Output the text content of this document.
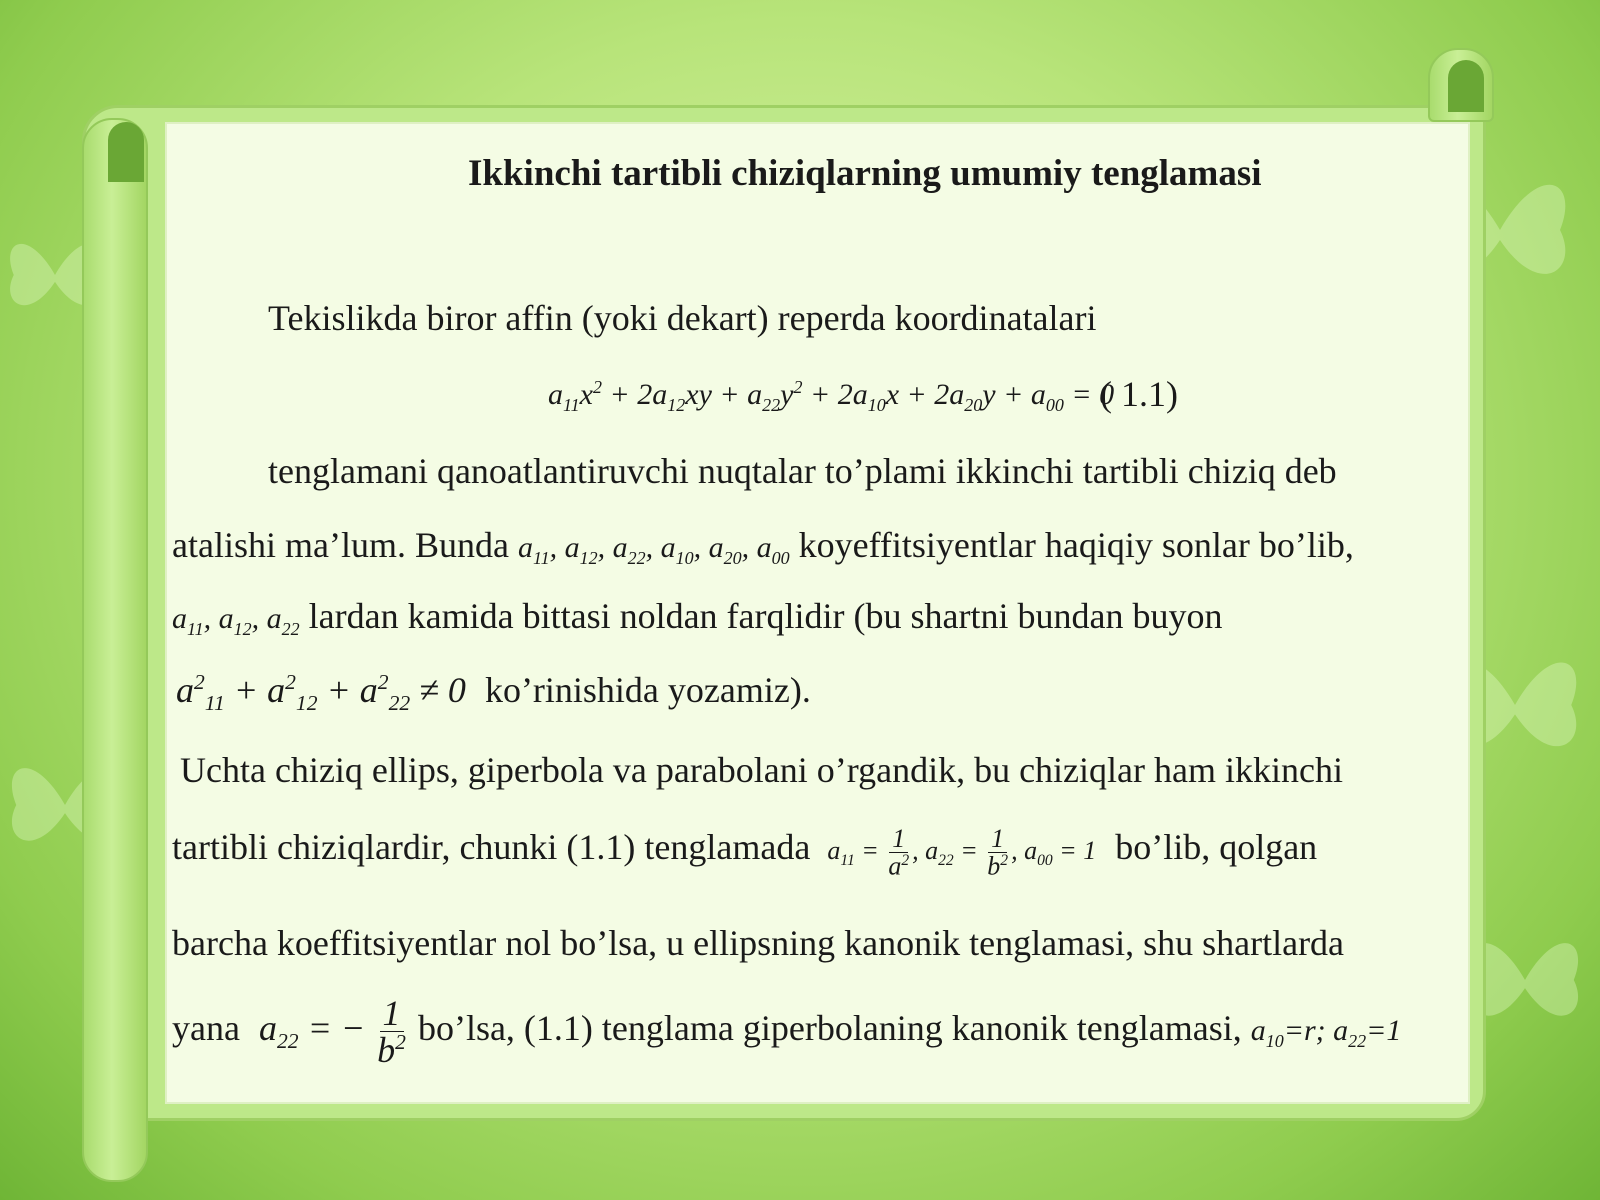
Ikkinchi tartibli chiziqlarning umumiy tenglamasi
Tekislikda biror affin (yoki dekart) reperda koordinatalari
$a_{11}x^2 + 2a_{12}xy + a_{22}y^2 + 2a_{10}x + 2a_{20}y + a_{00} = 0$
( 1.1)
tenglamani qanoatlantiruvchi nuqtalar to’plami ikkinchi tartibli chiziq deb
atalishi ma’lum. Bunda $a_{11}$, $a_{12}$, $a_{22}$, $a_{10}$, $a_{20}$, $a_{00}$ koyeffitsiyentlar haqiqiy sonlar bo’lib,
$a_{11}$, $a_{12}$, $a_{22}$ lardan kamida bittasi noldan farqlidir (bu shartni bundan buyon
$a^2_{11} + a^2_{12} + a^2_{22} \ne 0$ ko’rinishida yozamiz).
Uchta chiziq ellips, giperbola va parabolani o’rgandik, bu chiziqlar ham ikkinchi
tartibli chiziqlardir, chunki (1.1) tenglamada $a_{11} = \frac{1}{a^2}$ , $a_{22} = \frac{1}{b^2}$ , $a_{00} = 1$ bo’lib, qolgan
barcha koeffitsiyentlar nol bo’lsa, u ellipsning kanonik tenglamasi, shu shartlarda
yana $a_{22}$ = − $\frac{1}{b^2}$ bo’lsa, (1.1) tenglama giperbolaning kanonik tenglamasi, $a_{10}=r$; $a_{22}=1$
